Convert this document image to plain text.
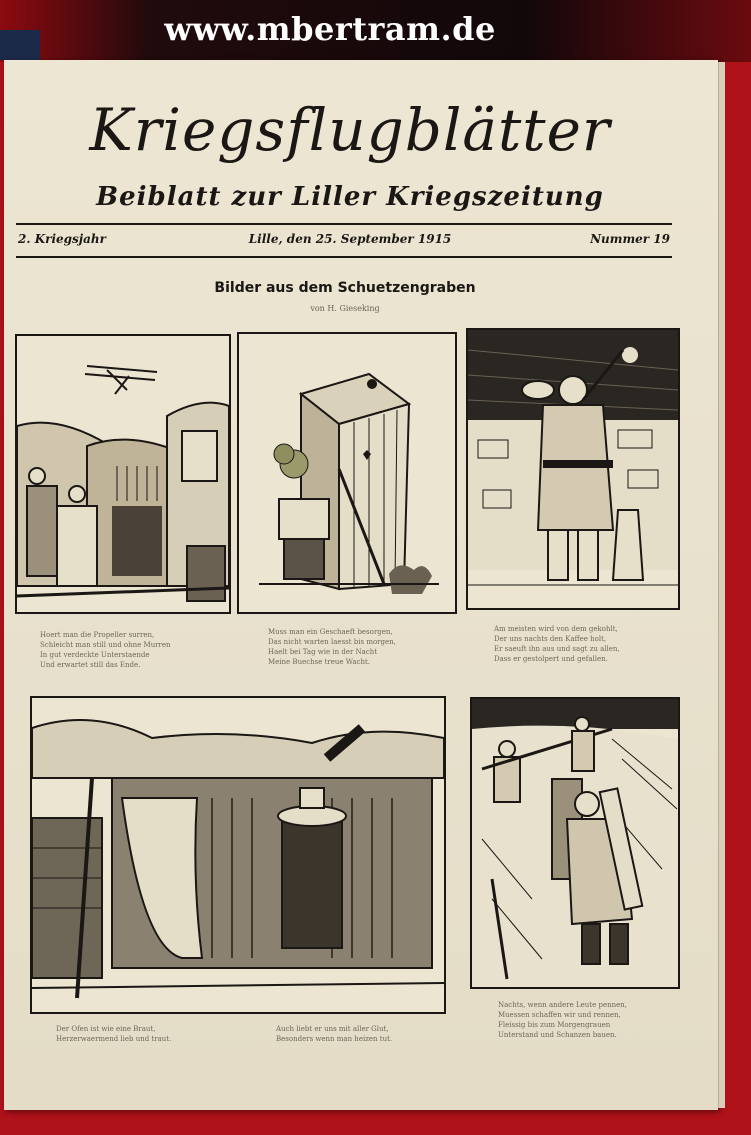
www.mbertram.de
Kriegsflugblätter
Beiblatt zur Liller Kriegszeitung
2. Kriegsjahr	Lille, den 25. September 1915	Nummer 19
Bilder aus dem Schuetzengraben
von H. Gieseking
Hoert man die Propeller surren,
Schleicht man still und ohne Murren
In gut verdeckte Unterstaende
Und erwartet still das Ende.
Muss man ein Geschaeft besorgen,
Das nicht warten laesst bis morgen,
Haelt bei Tag wie in der Nacht
Meine Buechse treue Wacht.
Am meisten wird von dem gekohlt,
Der uns nachts den Kaffee holt,
Er saeuft ihn aus und sagt zu allen,
Dass er gestolpert und gefallen.
Der Ofen ist wie eine Braut,
Herzerwaermend lieb und traut.
Auch liebt er uns mit aller Glut,
Besonders wenn man heizen tut.
Nachts, wenn andere Leute pennen,
Muessen schaffen wir und rennen,
Fleissig bis zum Morgengrauen
Unterstand und Schanzen bauen.
